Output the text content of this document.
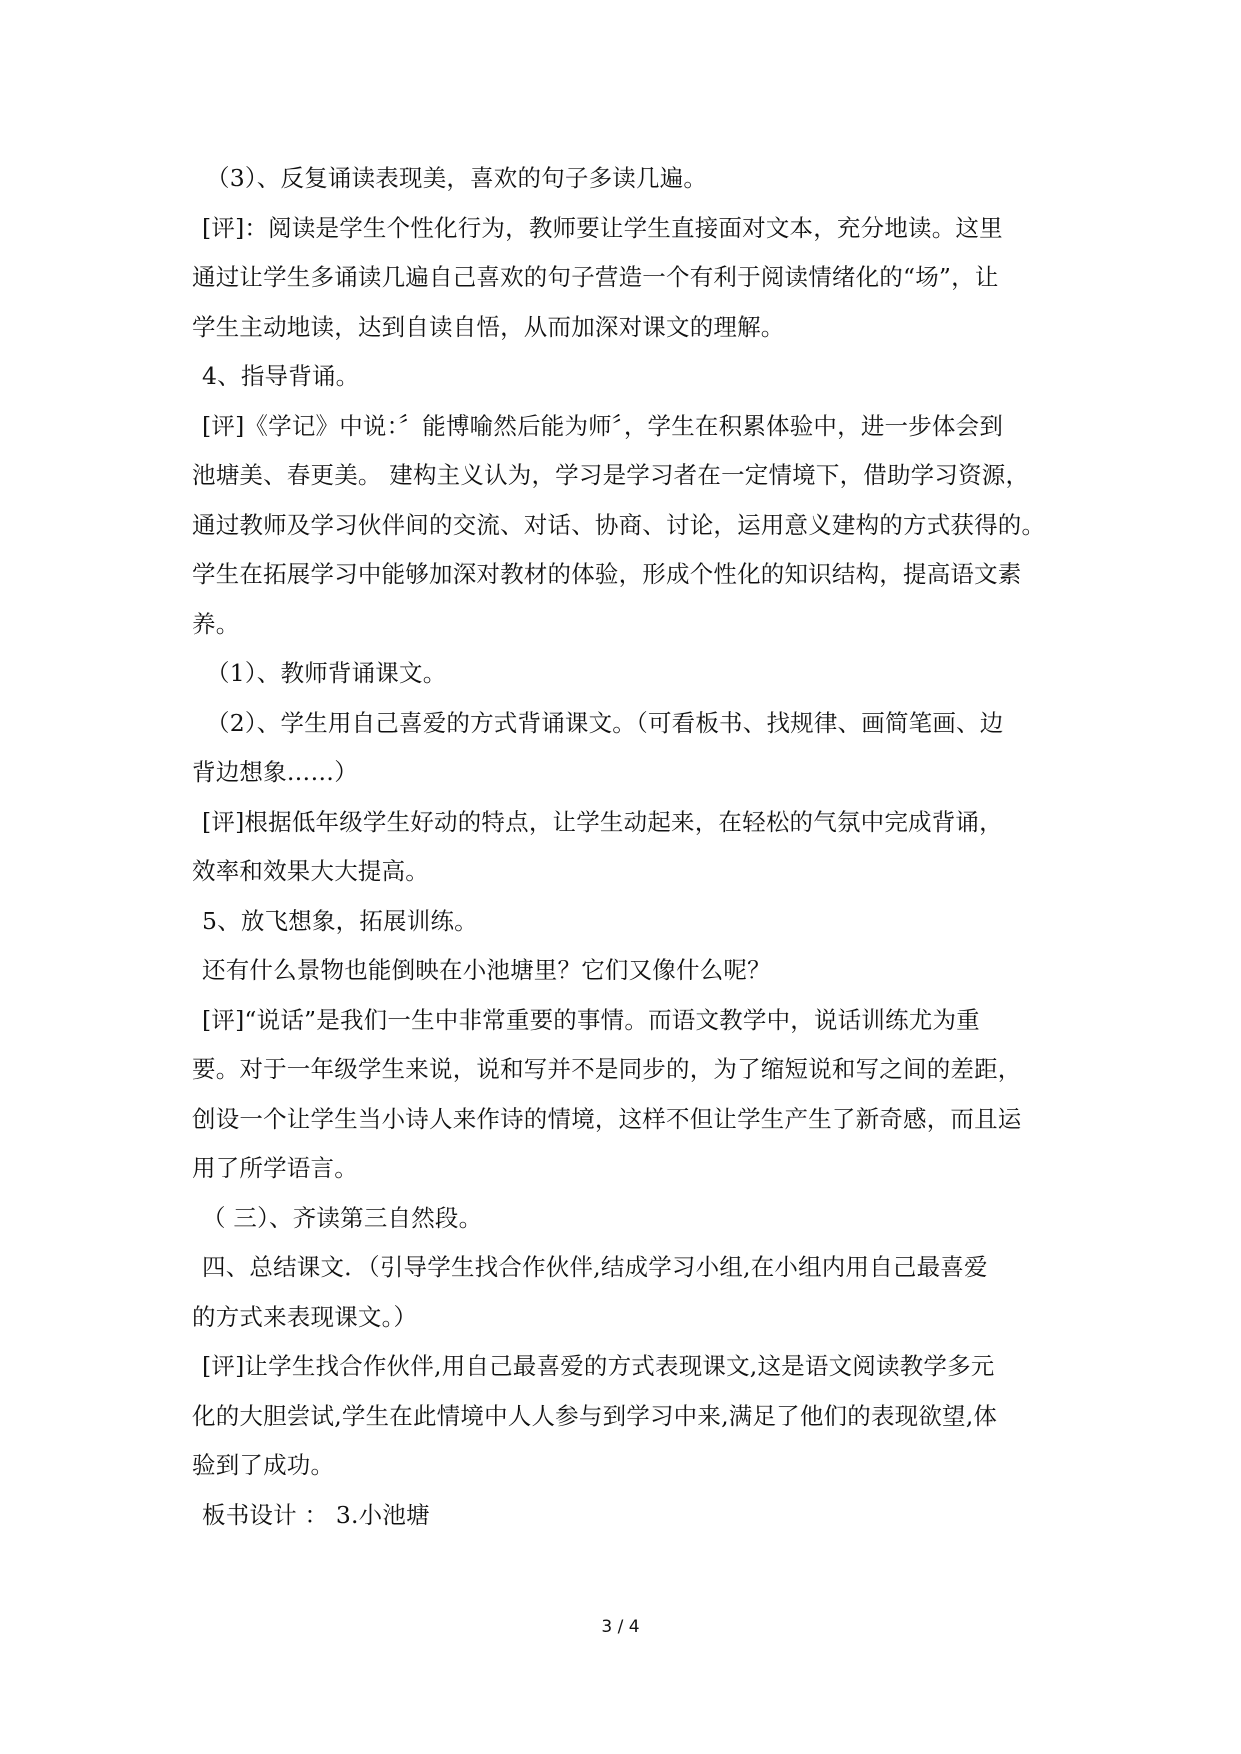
（3）、反复诵读表现美，喜欢的句子多读几遍。

[评]：阅读是学生个性化行为，教师要让学生直接面对文本，充分地读。这里

通过让学生多诵读几遍自己喜欢的句子营造一个有利于阅读情绪化的“场”，让

学生主动地读，达到自读自悟，从而加深对课文的理解。

4、指导背诵。

[评]《学记》中说：〞能博喻然后能为师〞，学生在积累体验中，进一步体会到

池塘美、春更美。 建构主义认为，学习是学习者在一定情境下，借助学习资源，

通过教师及学习伙伴间的交流、对话、协商、讨论，运用意义建构的方式获得的。

学生在拓展学习中能够加深对教材的体验，形成个性化的知识结构，提高语文素

养。

（1）、教师背诵课文。

（2）、学生用自己喜爱的方式背诵课文。（可看板书、找规律、画简笔画、边

背边想象……）

[评]根据低年级学生好动的特点，让学生动起来，在轻松的气氛中完成背诵，

效率和效果大大提高。

5、放飞想象，拓展训练。

还有什么景物也能倒映在小池塘里？它们又像什么呢？

[评]“说话”是我们一生中非常重要的事情。而语文教学中，说话训练尤为重

要。对于一年级学生来说，说和写并不是同步的，为了缩短说和写之间的差距，

创设一个让学生当小诗人来作诗的情境，这样不但让学生产生了新奇感，而且运

用了所学语言。

（ 三）、齐读第三自然段。

四、总结课文．（引导学生找合作伙伴,结成学习小组,在小组内用自己最喜爱

的方式来表现课文。）

[评]让学生找合作伙伴,用自己最喜爱的方式表现课文,这是语文阅读教学多元

化的大胆尝试,学生在此情境中人人参与到学习中来,满足了他们的表现欲望,体

验到了成功。

板书设计 ： 3.小池塘

3 / 4
